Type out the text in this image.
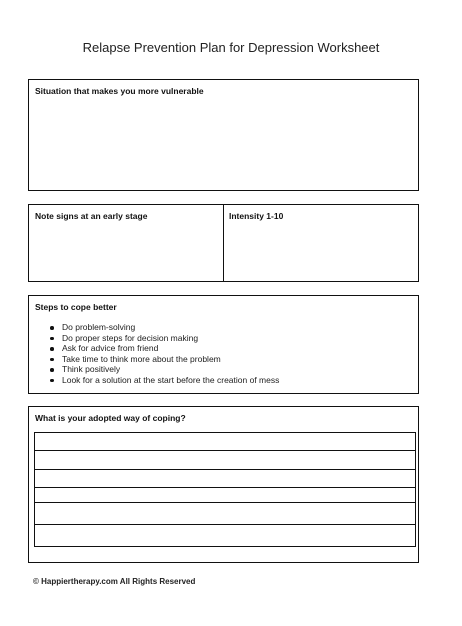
Relapse Prevention Plan for Depression Worksheet
Situation that makes you more vulnerable
Note signs at an early stage	Intensity 1-10
Steps to cope better
Do problem-solving
Do proper steps for decision making
Ask for advice from friend
Take time to think more about the problem
Think positively
Look for a solution at the start before the creation of mess
What is your adopted way of coping?
© Happiertherapy.com All Rights Reserved
